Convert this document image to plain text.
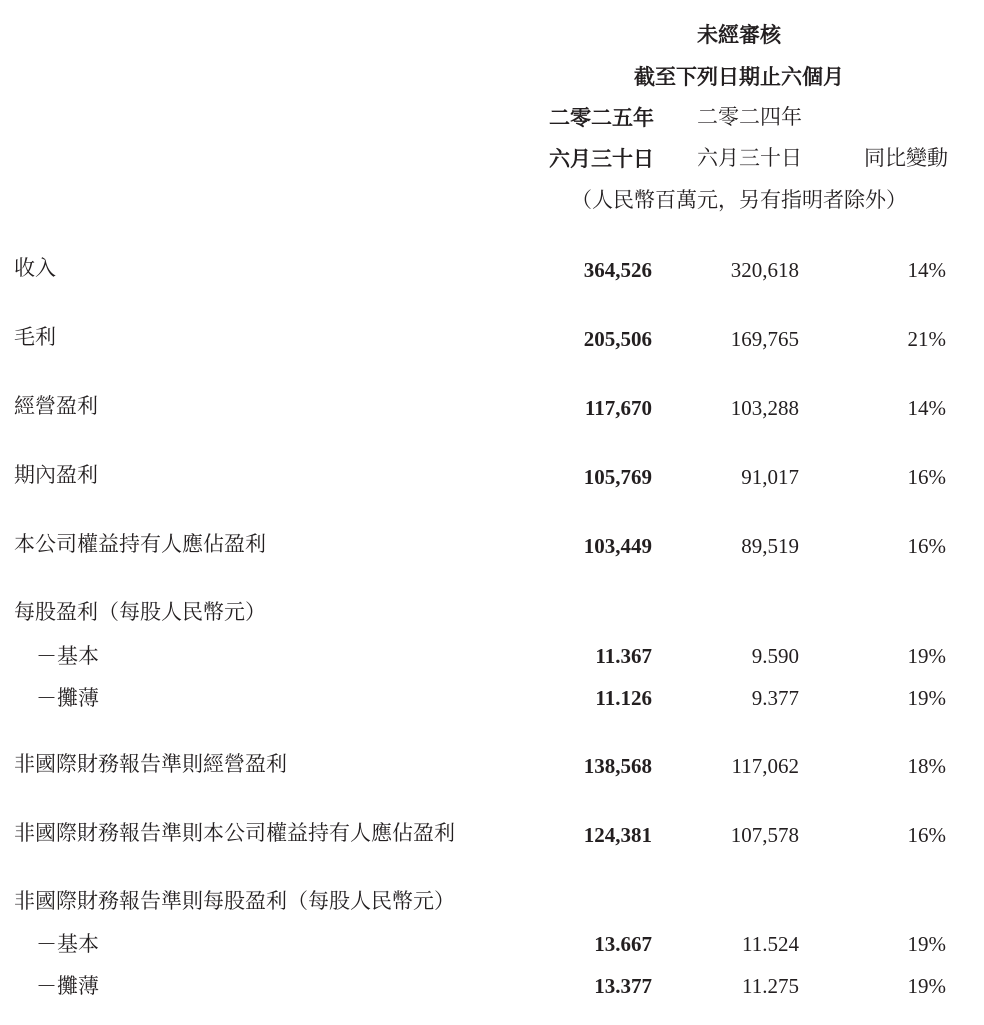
未經審核
截至下列日期止六個月
二零二五年 二零二四年
六月三十日 六月三十日	同比變動
（人民幣百萬元，另有指明者除外）
收入	364,526	320,618	14%
毛利	205,506	169,765	21%
經營盈利	117,670	103,288	14%
期內盈利	105,769	91,017	16%
本公司權益持有人應佔盈利	103,449	89,519	16%
每股盈利（每股人民幣元）
－基本	11.367	9.590	19%
－攤薄	11.126	9.377	19%
非國際財務報告準則經營盈利	138,568	117,062	18%
非國際財務報告準則本公司權益持有人應佔盈利	124,381	107,578	16%
非國際財務報告準則每股盈利（每股人民幣元）
－基本	13.667	11.524	19%
－攤薄	13.377	11.275	19%
